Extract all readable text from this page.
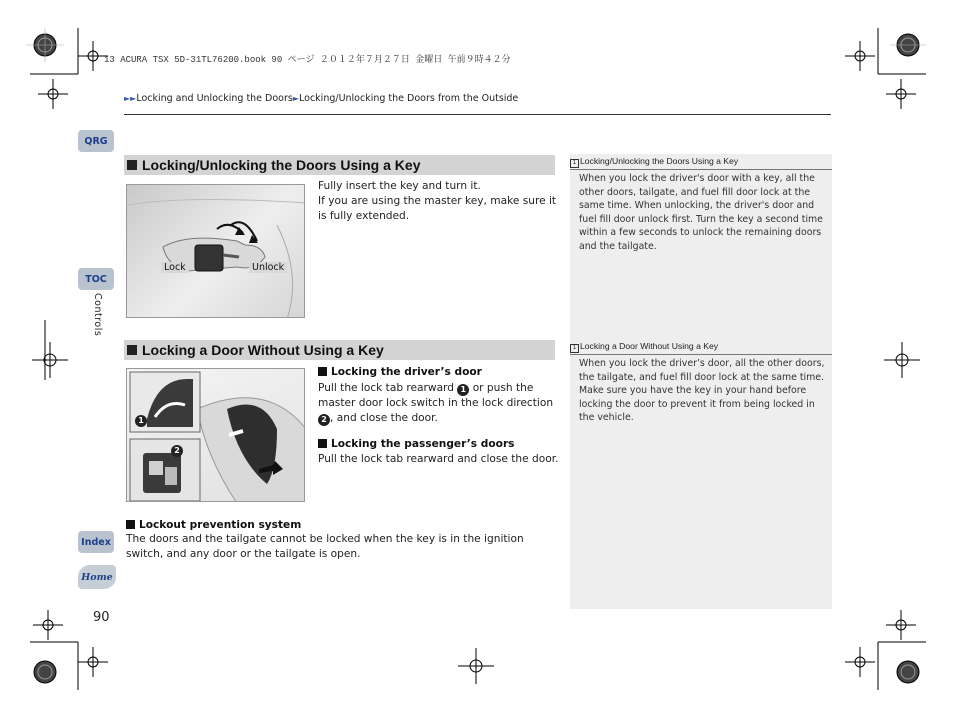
13 ACURA TSX 5D-31TL76200.book 90 ページ ２０１２年７月２７日 金曜日 午前９時４２分
►►Locking and Unlocking the Doors►Locking/Unlocking the Doors from the Outside
QRG
TOC
Controls
Index
Home
90
Locking/Unlocking the Doors Using a Key
Lock	Unlock
Fully insert the key and turn it.
If you are using the master key, make sure it is fully extended.
Locking a Door Without Using a Key
1
2
Locking the driver’s door
Pull the lock tab rearward 1 or push the master door lock switch in the lock direction
2 , and close the door.
Locking the passenger’s doors
Pull the lock tab rearward and close the door.
Lockout prevention system
The doors and the tailgate cannot be locked when the key is in the ignition switch, and any door or the tailgate is open.
1 Locking/Unlocking the Doors Using a Key
When you lock the driver's door with a key, all the other doors, tailgate, and fuel fill door lock at the same time. When unlocking, the driver's door and fuel fill door unlock first. Turn the key a second time within a few seconds to unlock the remaining doors and the tailgate.
1 Locking a Door Without Using a Key
When you lock the driver’s door, all the other doors, the tailgate, and fuel fill door lock at the same time. Make sure you have the key in your hand before locking the door to prevent it from being locked in the vehicle.
